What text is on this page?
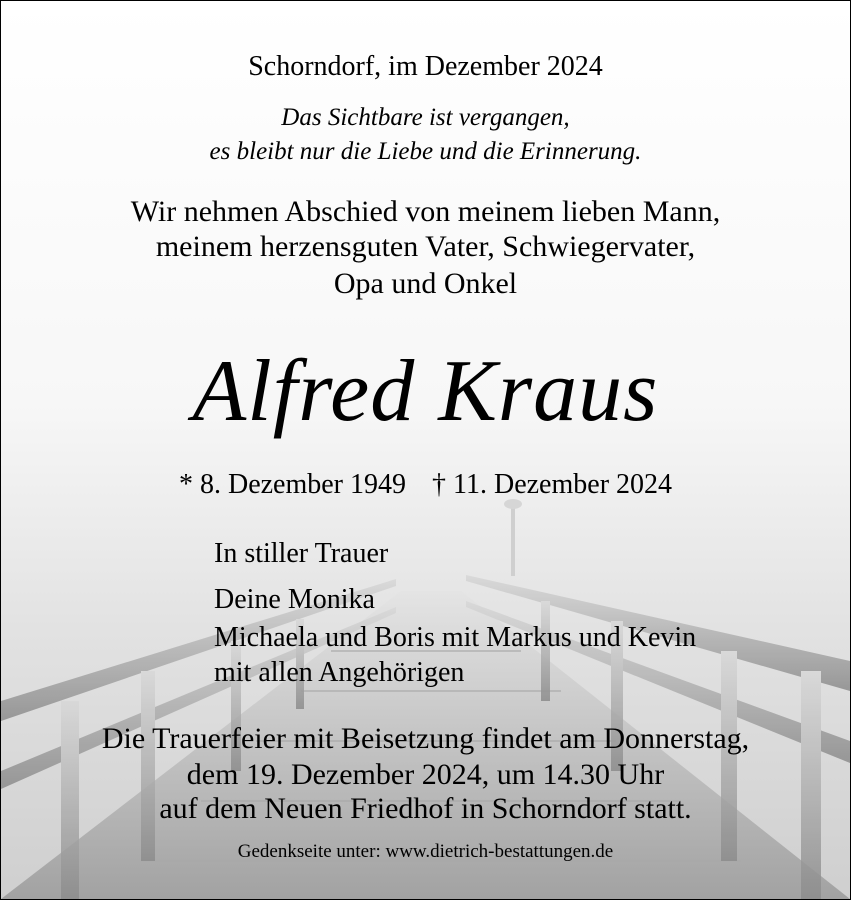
Schorndorf, im Dezember 2024
Das Sichtbare ist vergangen,
es bleibt nur die Liebe und die Erinnerung.
Wir nehmen Abschied von meinem lieben Mann,
meinem herzensguten Vater, Schwiegervater,
Opa und Onkel
Alfred Kraus
* 8. Dezember 1949 † 11. Dezember 2024
In stiller Trauer
Deine Monika
Michaela und Boris mit Markus und Kevin
mit allen Angehörigen
Die Trauerfeier mit Beisetzung findet am Donnerstag,
dem 19. Dezember 2024, um 14.30 Uhr
auf dem Neuen Friedhof in Schorndorf statt.
Gedenkseite unter: www.dietrich-bestattungen.de
